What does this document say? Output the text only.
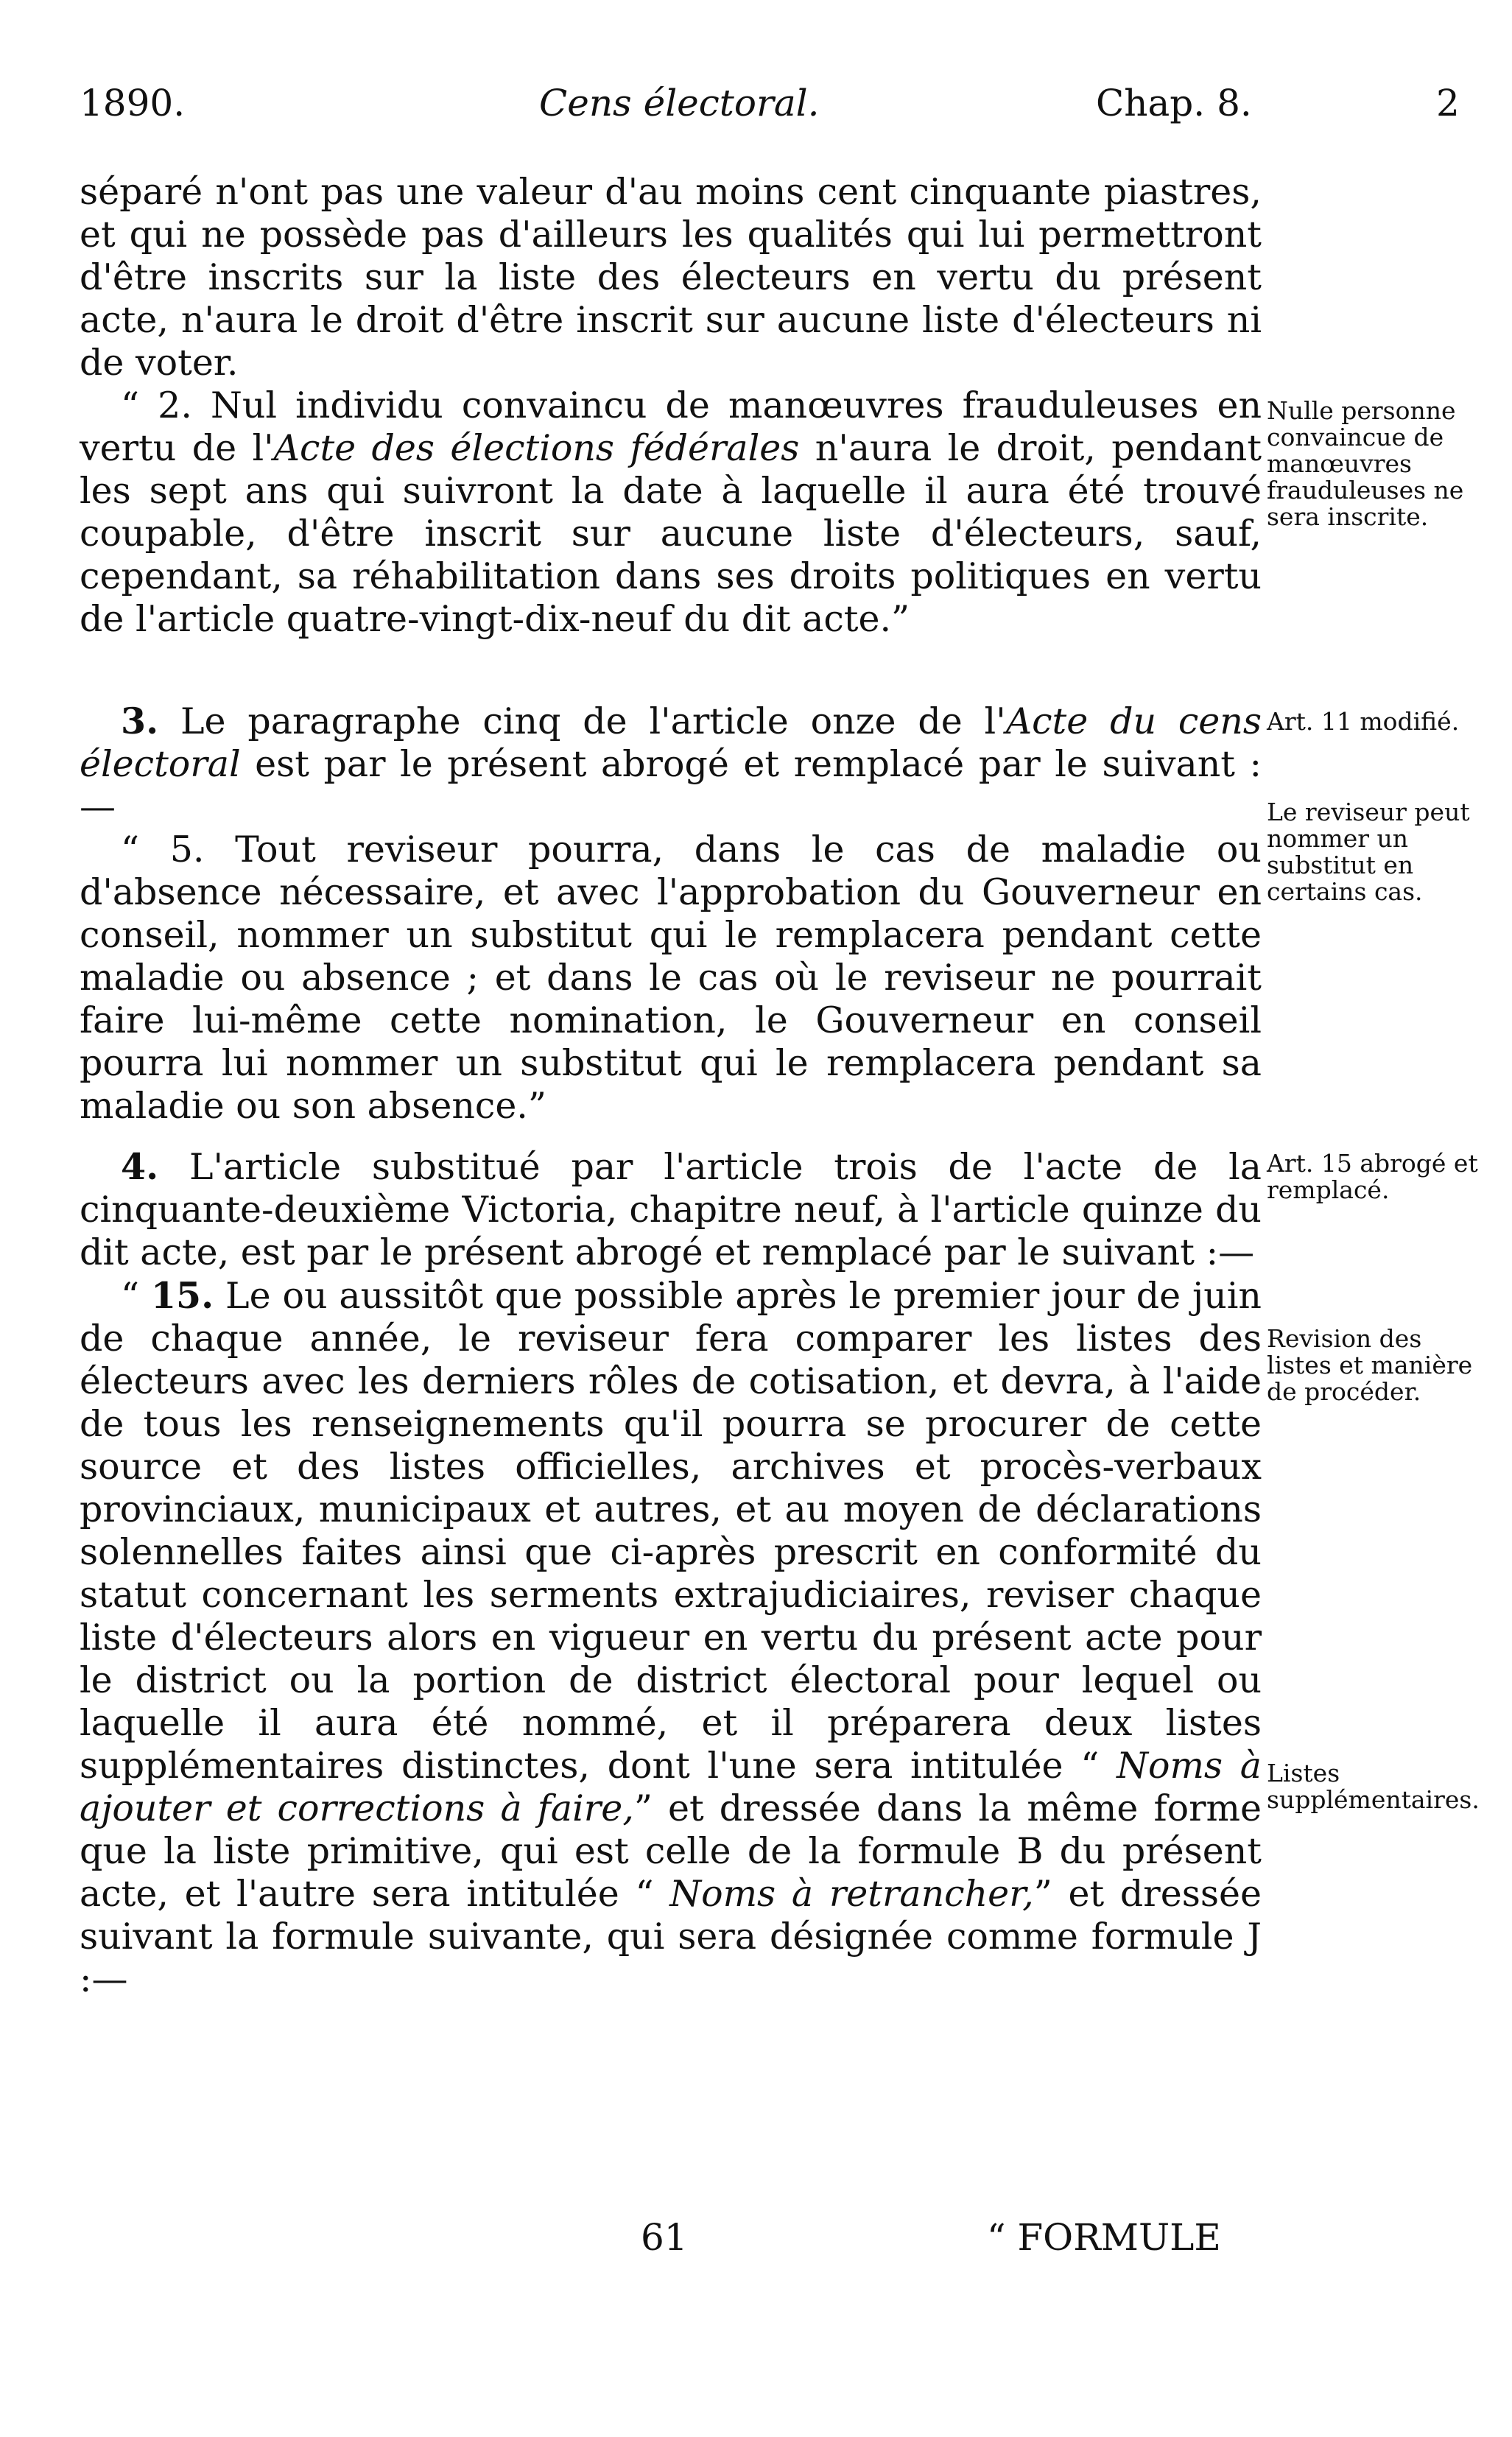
1890.	Cens électoral.	Chap. 8.	2

séparé n'ont pas une valeur d'au moins cent cinquante piastres, et qui ne possède pas d'ailleurs les qualités qui lui permettront d'être inscrits sur la liste des électeurs en vertu du présent acte, n'aura le droit d'être inscrit sur aucune liste d'électeurs ni de voter.

“ 2. Nul individu convaincu de manœuvres frauduleuses en vertu de l'Acte des élections fédérales n'aura le droit, pendant les sept ans qui suivront la date à laquelle il aura été trouvé coupable, d'être inscrit sur aucune liste d'électeurs, sauf, cependant, sa réhabilitation dans ses droits politiques en vertu de l'article quatre-vingt-dix-neuf du dit acte.”

3. Le paragraphe cinq de l'article onze de l'Acte du cens électoral est par le présent abrogé et remplacé par le suivant :—

“ 5. Tout reviseur pourra, dans le cas de maladie ou d'absence nécessaire, et avec l'approbation du Gouverneur en conseil, nommer un substitut qui le remplacera pendant cette maladie ou absence ; et dans le cas où le reviseur ne pourrait faire lui-même cette nomination, le Gouverneur en conseil pourra lui nommer un substitut qui le remplacera pendant sa maladie ou son absence.”

4. L'article substitué par l'article trois de l'acte de la cinquante-deuxième Victoria, chapitre neuf, à l'article quinze du dit acte, est par le présent abrogé et remplacé par le suivant :—

“ 15. Le ou aussitôt que possible après le premier jour de juin de chaque année, le reviseur fera comparer les listes des électeurs avec les derniers rôles de cotisation, et devra, à l'aide de tous les renseignements qu'il pourra se procurer de cette source et des listes officielles, archives et procès-verbaux provinciaux, municipaux et autres, et au moyen de déclarations solennelles faites ainsi que ci-après prescrit en conformité du statut concernant les serments extrajudiciaires, reviser chaque liste d'électeurs alors en vigueur en vertu du présent acte pour le district ou la portion de district électoral pour lequel ou laquelle il aura été nommé, et il préparera deux listes supplémentaires distinctes, dont l'une sera intitulée “ Noms à ajouter et corrections à faire,” et dressée dans la même forme que la liste primitive, qui est celle de la formule B du présent acte, et l'autre sera intitulée “ Noms à retrancher,” et dressée suivant la formule suivante, qui sera désignée comme formule J :—

Nulle personne convaincue de manœuvres frauduleuses ne sera inscrite.

Art. 11 modifié.

Le reviseur peut nommer un substitut en certains cas.

Art. 15 abrogé et remplacé.

Revision des listes et manière de procéder.

Listes supplémentaires.

61	“ FORMULE
